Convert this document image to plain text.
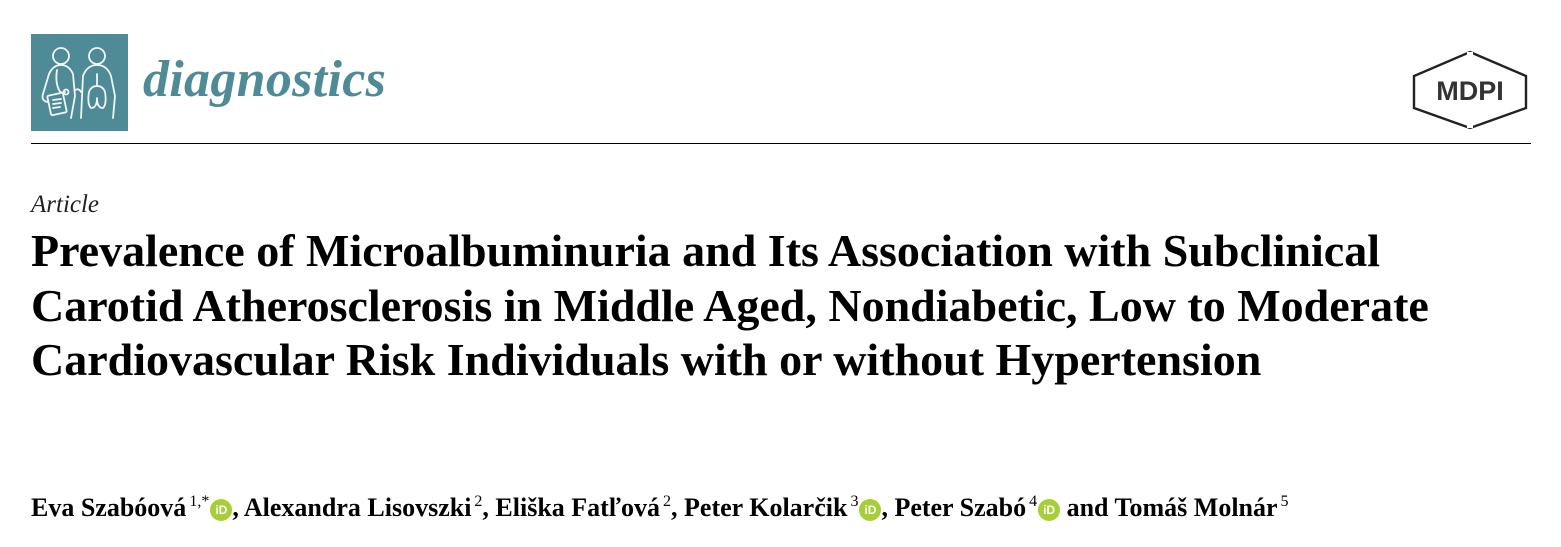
diagnostics	MDPI
Article
Prevalence of Microalbuminuria and Its Association with Subclinical Carotid Atherosclerosis in Middle Aged, Nondiabetic, Low to Moderate Cardiovascular Risk Individuals with or without Hypertension
Eva Szabóová $^{1,*}$ iD , Alexandra Lisovszki $^2$, Eliška Fatľová $^2$, Peter Kolarčik $^3$ iD , Peter Szabó $^4$ iD and Tomáš Molnár $^5$
